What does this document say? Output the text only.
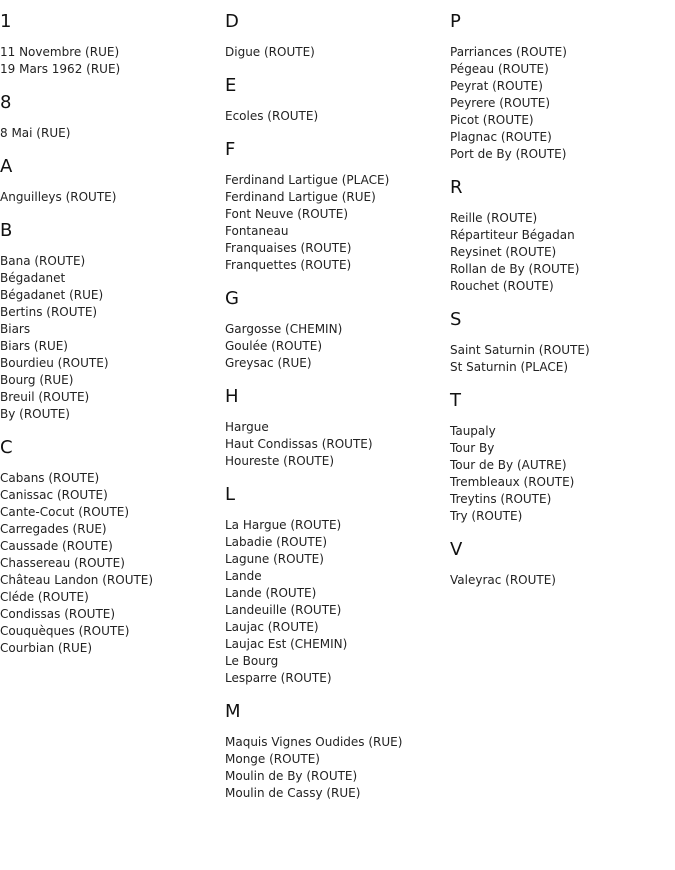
1
11 Novembre (RUE)
19 Mars 1962 (RUE)
8
8 Mai (RUE)
A
Anguilleys (ROUTE)
B
Bana (ROUTE)
Bégadanet
Bégadanet (RUE)
Bertins (ROUTE)
Biars
Biars (RUE)
Bourdieu (ROUTE)
Bourg (RUE)
Breuil (ROUTE)
By (ROUTE)
C
Cabans (ROUTE)
Canissac (ROUTE)
Cante-Cocut (ROUTE)
Carregades (RUE)
Caussade (ROUTE)
Chassereau (ROUTE)
Château Landon (ROUTE)
Cléde (ROUTE)
Condissas (ROUTE)
Couquèques (ROUTE)
Courbian (RUE)
D
Digue (ROUTE)
E
Ecoles (ROUTE)
F
Ferdinand Lartigue (PLACE)
Ferdinand Lartigue (RUE)
Font Neuve (ROUTE)
Fontaneau
Franquaises (ROUTE)
Franquettes (ROUTE)
G
Gargosse (CHEMIN)
Goulée (ROUTE)
Greysac (RUE)
H
Hargue
Haut Condissas (ROUTE)
Houreste (ROUTE)
L
La Hargue (ROUTE)
Labadie (ROUTE)
Lagune (ROUTE)
Lande
Lande (ROUTE)
Landeuille (ROUTE)
Laujac (ROUTE)
Laujac Est (CHEMIN)
Le Bourg
Lesparre (ROUTE)
M
Maquis Vignes Oudides (RUE)
Monge (ROUTE)
Moulin de By (ROUTE)
Moulin de Cassy (RUE)
P
Parriances (ROUTE)
Pégeau (ROUTE)
Peyrat (ROUTE)
Peyrere (ROUTE)
Picot (ROUTE)
Plagnac (ROUTE)
Port de By (ROUTE)
R
Reille (ROUTE)
Répartiteur Bégadan
Reysinet (ROUTE)
Rollan de By (ROUTE)
Rouchet (ROUTE)
S
Saint Saturnin (ROUTE)
St Saturnin (PLACE)
T
Taupaly
Tour By
Tour de By (AUTRE)
Trembleaux (ROUTE)
Treytins (ROUTE)
Try (ROUTE)
V
Valeyrac (ROUTE)
